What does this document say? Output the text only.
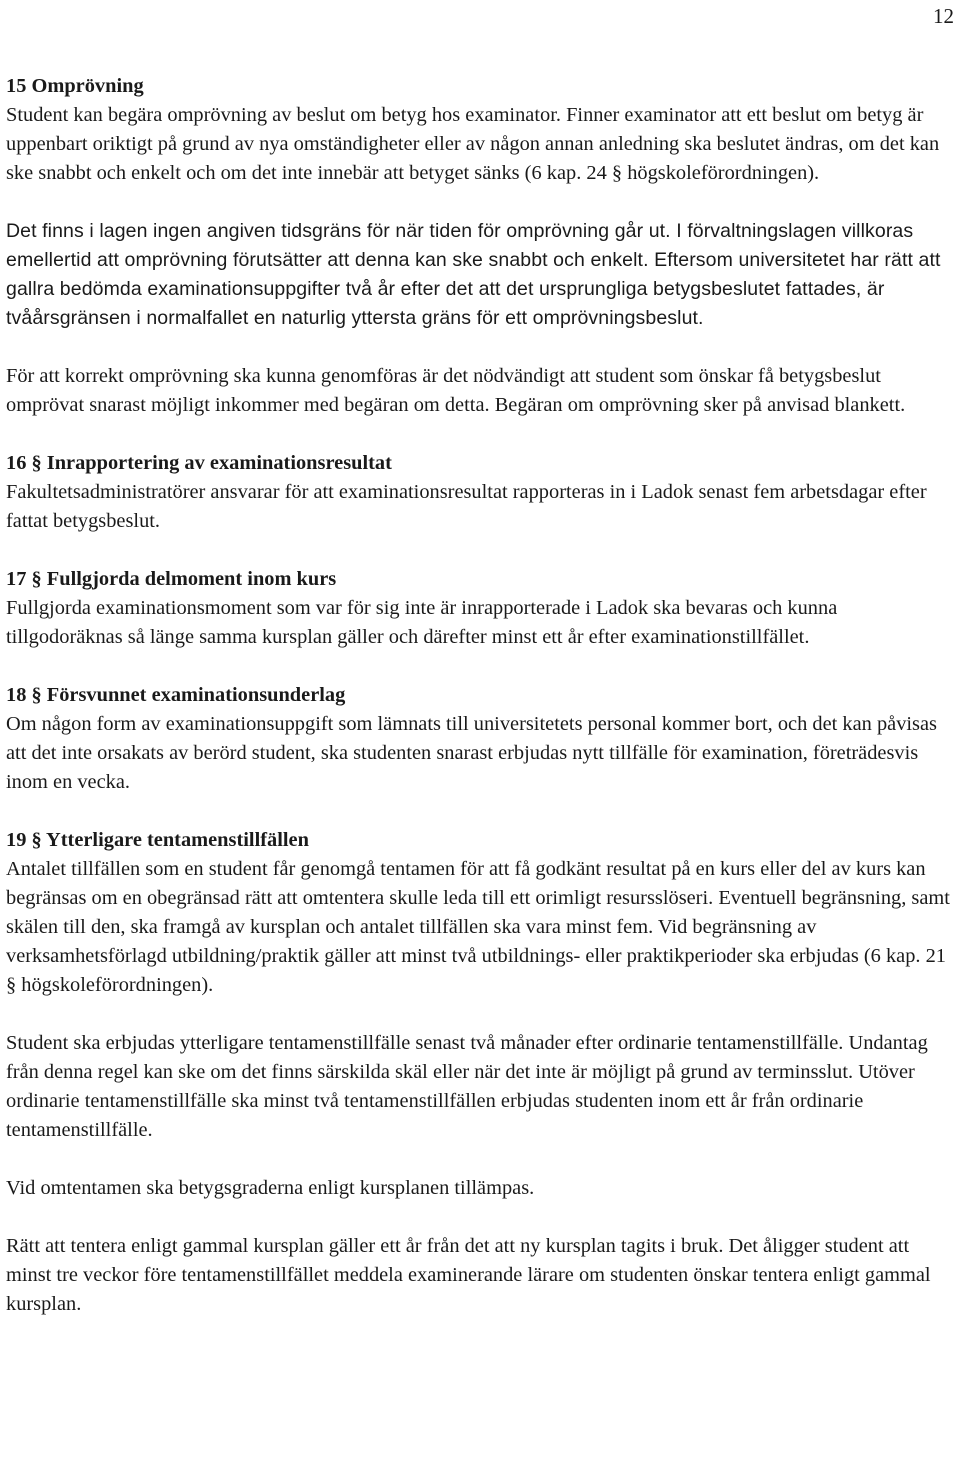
12

15 Omprövning

Student kan begära omprövning av beslut om betyg hos examinator. Finner examinator att ett beslut om betyg är uppenbart oriktigt på grund av nya omständigheter eller av någon annan anledning ska beslutet ändras, om det kan ske snabbt och enkelt och om det inte innebär att betyget sänks (6 kap. 24 § högskoleförordningen).

Det finns i lagen ingen angiven tidsgräns för när tiden för omprövning går ut. I förvaltningslagen villkoras emellertid att omprövning förutsätter att denna kan ske snabbt och enkelt. Eftersom universitetet har rätt att gallra bedömda examinationsuppgifter två år efter det att det ursprungliga betygsbeslutet fattades, är tvåårsgränsen i normalfallet en naturlig yttersta gräns för ett omprövningsbeslut.

För att korrekt omprövning ska kunna genomföras är det nödvändigt att student som önskar få betygsbeslut omprövat snarast möjligt inkommer med begäran om detta. Begäran om omprövning sker på anvisad blankett.

16 § Inrapportering av examinationsresultat

Fakultetsadministratörer ansvarar för att examinationsresultat rapporteras in i Ladok senast fem arbetsdagar efter fattat betygsbeslut.

17 § Fullgjorda delmoment inom kurs

Fullgjorda examinationsmoment som var för sig inte är inrapporterade i Ladok ska bevaras och kunna tillgodoräknas så länge samma kursplan gäller och därefter minst ett år efter examinationstillfället.

18 § Försvunnet examinationsunderlag

Om någon form av examinationsuppgift som lämnats till universitetets personal kommer bort, och det kan påvisas att det inte orsakats av berörd student, ska studenten snarast erbjudas nytt tillfälle för examination, företrädesvis inom en vecka.

19 § Ytterligare tentamenstillfällen

Antalet tillfällen som en student får genomgå tentamen för att få godkänt resultat på en kurs eller del av kurs kan begränsas om en obegränsad rätt att omtentera skulle leda till ett orimligt resursslöseri. Eventuell begränsning, samt skälen till den, ska framgå av kursplan och antalet tillfällen ska vara minst fem. Vid begränsning av verksamhetsförlagd utbildning/praktik gäller att minst två utbildnings- eller praktikperioder ska erbjudas (6 kap. 21 § högskoleförordningen).

Student ska erbjudas ytterligare tentamenstillfälle senast två månader efter ordinarie tentamenstillfälle. Undantag från denna regel kan ske om det finns särskilda skäl eller när det inte är möjligt på grund av terminsslut. Utöver ordinarie tentamenstillfälle ska minst två tentamenstillfällen erbjudas studenten inom ett år från ordinarie tentamenstillfälle.

Vid omtentamen ska betygsgraderna enligt kursplanen tillämpas.

Rätt att tentera enligt gammal kursplan gäller ett år från det att ny kursplan tagits i bruk. Det åligger student att minst tre veckor före tentamenstillfället meddela examinerande lärare om studenten önskar tentera enligt gammal kursplan.
